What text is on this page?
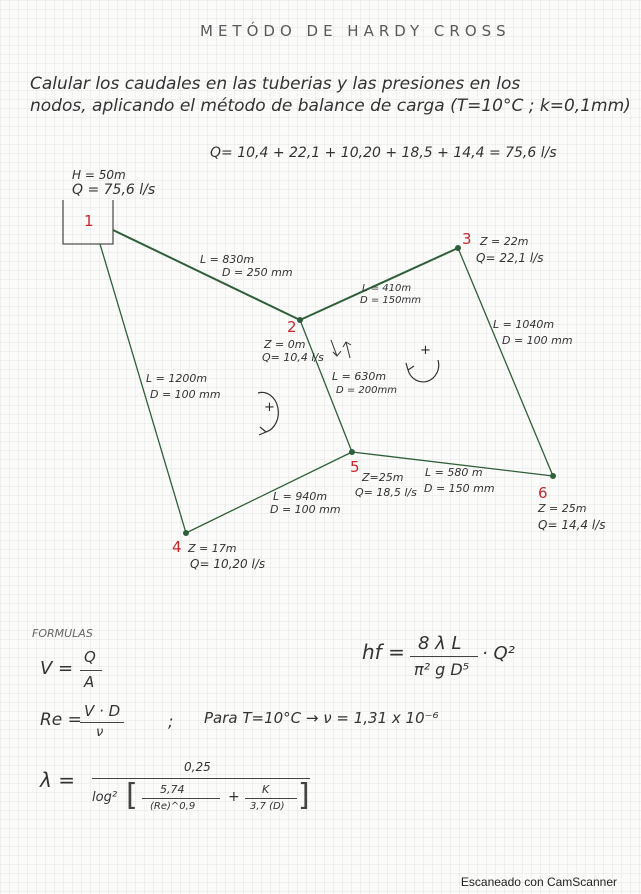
METÓDO DE HARDY CROSS
Calular los caudales en las tuberias y las presiones en los
nodos, aplicando el método de balance de carga (T=10°C ; k=0,1mm)
Q= 10,4 + 22,1 + 10,20 + 18,5 + 14,4 = 75,6 l/s
H = 50m
Q = 75,6 l/s
1
2
Z = 0m
Q= 10,4 l/s
3 Z = 22m
Q= 22,1 l/s
4 Z = 17m
Q= 10,20 l/s
5
Z=25m
Q= 18,5 l/s	6
Z = 25m
Q= 14,4 l/s
L = 830m
D = 250 mm
L = 410m
D = 150mm
L = 1040m
D = 100 mm
L = 1200m
D = 100 mm
L = 630m
D = 200mm
L = 580 m
D = 150 mm
L = 940m
D = 100 mm
+
+
FORMULAS
V =
Q
A
hf = 8 λ L
π² g D⁵
· Q²
Re = V · D
ν
; Para T=10°C → ν = 1,31 x 10⁻⁶
λ =
0,25
log² [ 5,74
(Re)^0,9
+ K
3,7 (D) ]
Escaneado con CamScanner
